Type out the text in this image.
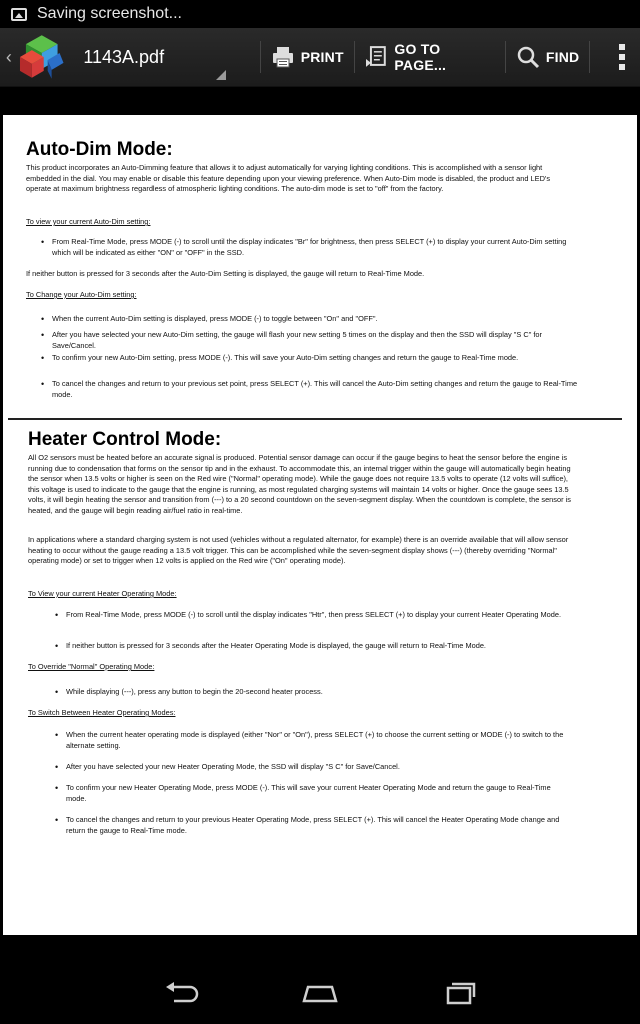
Saving screenshot...
‹	1143A.pdf	PRINT	GO TO PAGE...	FIND
Auto-Dim Mode:
This product incorporates an Auto-Dimming feature that allows it to adjust automatically for varying lighting conditions. This is accomplished with a sensor light embedded in the dial. You may enable or disable this feature depending upon your viewing preference. When Auto-Dim mode is disabled, the product and LED's operate at maximum brightness regardless of atmospheric lighting conditions. The auto-dim mode is set to "off" from the factory.
To view your current Auto-Dim setting:
• From Real-Time Mode, press MODE (-) to scroll until the display indicates "Br" for brightness, then press SELECT (+) to display your current Auto-Dim setting which will be indicated as either "ON" or "OFF" in the SSD.
If neither button is pressed for 3 seconds after the Auto-Dim Setting is displayed, the gauge will return to Real-Time Mode.
To Change your Auto-Dim setting:
• When the current Auto-Dim setting is displayed, press MODE (-) to toggle between "On" and "OFF".
• After you have selected your new Auto-Dim setting, the gauge will flash your new setting 5 times on the display and then the SSD will display "S C" for Save/Cancel.
• To confirm your new Auto-Dim setting, press MODE (-). This will save your Auto-Dim setting changes and return the gauge to Real-Time mode.
• To cancel the changes and return to your previous set point, press SELECT (+). This will cancel the Auto-Dim setting changes and return the gauge to Real-Time mode.
Heater Control Mode:
All O2 sensors must be heated before an accurate signal is produced. Potential sensor damage can occur if the gauge begins to heat the sensor before the engine is running due to condensation that forms on the sensor tip and in the exhaust. To accommodate this, an internal trigger within the gauge will automatically begin heating the sensor when 13.5 volts or higher is seen on the Red wire ("Normal" operating mode). While the gauge does not require 13.5 volts to operate (12 volts will suffice), this voltage is used to indicate to the gauge that the engine is running, as most regulated charging systems will maintain 14 volts or higher. Once the gauge sees 13.5 volts, it will begin heating the sensor and transition from (---) to a 20 second countdown on the seven-segment display. When the countdown is complete, the sensor is heated, and the gauge will begin reading air/fuel ratio in real-time.
In applications where a standard charging system is not used (vehicles without a regulated alternator, for example) there is an override available that will allow sensor heating to occur without the gauge reading a 13.5 volt trigger. This can be accomplished while the seven-segment display shows (---) (thereby overriding "Normal" operating mode) or set to trigger when 12 volts is applied on the Red wire ("On" operating mode).
To View your current Heater Operating Mode:
• From Real-Time Mode, press MODE (-) to scroll until the display indicates "Htr", then press SELECT (+) to display your current Heater Operating Mode.
• If neither button is pressed for 3 seconds after the Heater Operating Mode is displayed, the gauge will return to Real-Time Mode.
To Override "Normal" Operating Mode:
• While displaying (---), press any button to begin the 20-second heater process.
To Switch Between Heater Operating Modes:
• When the current heater operating mode is displayed (either "Nor" or "On"), press SELECT (+) to choose the current setting or MODE (-) to switch to the alternate setting.
• After you have selected your new Heater Operating Mode, the SSD will display "S C" for Save/Cancel.
• To confirm your new Heater Operating Mode, press MODE (-). This will save your current Heater Operating Mode and return the gauge to Real-Time mode.
• To cancel the changes and return to your previous Heater Operating Mode, press SELECT (+). This will cancel the Heater Operating Mode change and return the gauge to Real-Time mode.
